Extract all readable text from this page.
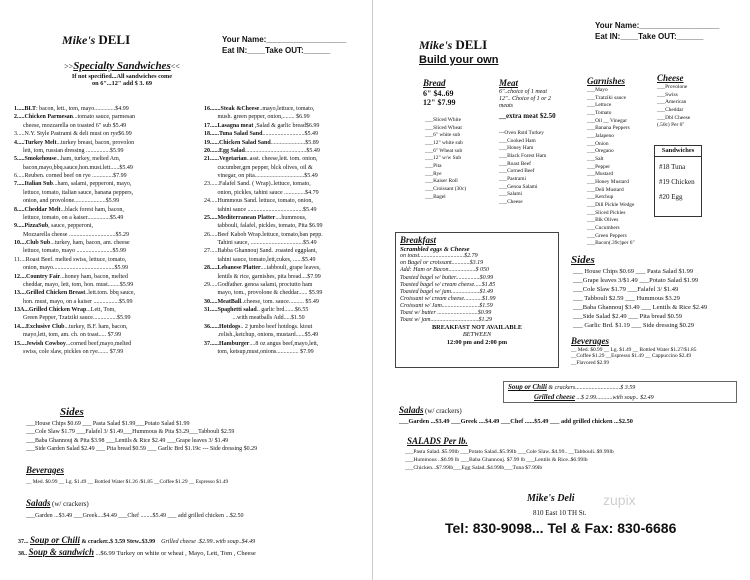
Mike's DELI	Your Name:__________________
Eat IN:____Take OUT:______
>>Specialty Sandwiches<<
If not specified...All sandwiches come
on 6"...12" add $ 3. 69
1.....BLT: bacon, lett., tom, mayo..............$4.99
2.....Chicken Parmesan...tomato sauce, parmesan
cheese, mozzarella on toasted 6" sub $5.49
3.....N.Y. Style Pastrami & deli must on rye$6.99
4.....Turkey Melt...turkey breast, bacon, provolon
lett, tom, russian dressing ................$5.99
5.....Smokehouse...ham, turkey, melted Am,
bacon,mayo,bbq.sauce,hon.must.lett......$5.49
6.....Reuben. corned beef on rye ..............$7.99
7.....Italian Sub...ham, salami, pepperoni, mayo,
lettuce, tomato, italian sauce, banana peppers,
onion, and provolone.....................$5.99
8.....Cheddar Melt...black forest ham, bacon,
lettuce, tomato, on a kaiser...............$5.49
9.....PizzaSub, sauce, pepperoni,
Mozzarella cheese ...............................$5.29
10....Club Sub...turkey, ham, bacon, am. cheese
lettuce, tomato, mayo ........................$5.99
11....Roast Beef. melted swiss, lettuce, tomato,
onion, mayo.........................................$5.99
12....Country Fair...honey ham, bacon, melted
cheddar, mayo, lett, tom, hon. must........$5.99
13....Grilled Chicken Breast..lett.tom. bbq sauce,
hon. must, mayo, on a kaiser .................$5.99
13A...Grilled Chicken Wrap...Lett, Tom,
Green Pepper, Tzatziki sauce................$5.99
14....Exclusive Club...turkey, B.F. ham, bacon,
mayo,lett, tom, am. ch. on toast..... $7.99
15....Jewish Cowboy...corned beef,mayo,melted
swiss, cole slaw, pickles on rye....... $7.99
16.......Steak &Cheese..mayo,lettuce, tomato,
mush. green pepper, onion,........ $6.99
17.....Lasagna meat ,Salad & garlic bread$6.99
18......Tuna Salad Sand............................$5.49
19......Chicken Salad Sand.......................$5.89
20......Egg Salad.........................................$5.49
21......Vegetarian..asst. cheese,lett. tom. onion,
cucumber,grn pepper, blck olives, oil &
vinegar, on pita.................................$5.49
23......Falafel Sand. ( Wrap)..lettuce, tomato,
onion, pickles, tahini sauce ..............$4.79
24.....Hummous Sand. lettuce, tomato, onion,
tahini sauce .....................................$5.49
25.....Mediterranean Platter....hummous,
tabbouli, falafel, pickles, tomato, Pita $6.99
26.....Beef Kabob Wrap.lettuce, tomato,ban pepp.
Tahini sauce, ...................................$5.49
27.....Babba Ghannouj Sand. .roasted eggplant,
tahini sauce, tomato,lett,cukes, ......$5.49
28.....Lebanese Platter....tabbouli, grape leaves,
lentils & rice, garnishes, pita bread....$7.99
29.....Godfather. genoa salami, prociutto ham
mayo, tom., provolone & cheddar...... $5.99
30.....MeatBall..cheese, tom. sauce.......... $5.49
31.....Spaghetti salad.. garlic brd.......$6.55
...with meatballs Add.....$1.50
36......Hotdogs.. 2 jumbo beef hotdogs. ktout
.relish.,ketchup, onions, mustard......$5.49
37......Hamburger....8 oz angus beef,mayo,lett,
tom, ketsup,must,onions............... $7.99
Sides
___House Chips $0.69 ___ Pasta Salad $1.99___Potato Salad $1.99
___Cole Slaw $1.79 ___Falafel 3/ $1.49___Hummous & Pita $3.29___Tabbouli $2.59
___Baba Ghannouj & Pita $3.98 ___Lentils & Rice $2.49 ___Grape leaves 3/ $1.49
___Side Garden Salad $2.49 ___ Pita bread $0.59 ___ Garlic Brd $1.19c --- Side dressing $0.29
Beverages
__ Med. $0.99 __ Lg. $1.49 __ Bottled Water $1.26 /$1.85 __Coffee $1.29 __ Espresso $1.49
Salads (w/ crackers)
___Garden ...$3.49 ___Greek....$4.49 ___Chef ........$5.49 ___ add grilled chicken ...$2.50
37... Soup or Chili & cracker..$ 3.59 Stew..$3.99 Grilled cheese .$2.99..with soup..$4.49
38.. Soup & sandwich ...$6.99 Turkey on white or wheat , Mayo, Lett, Tom , Cheese
Your Name:__________________
Eat IN:____Take OUT:______
Mike's DELI
Build your own
Bread
6" $4..69
12" $7.99
___Sliced White
___Sliced Wheat
___6" white sub
___12" white sub
___6" Wheat sub
___12" w/w Sub
___Pita
___Rye
___Kaiser Roll
___Croissant (30c)
___Bagel
Meat
6"..choice of 1 meat
12".. Choice of 1 or 2
meats
__extra meat $2.50
---Oven Rstd Turkey
___Cooked Ham
___Honey Ham
___Black Forest Ham
___Roast Beef
___Corned Beef
___Pastrami
___Genoa Salami
___Salami
___Cheese
Garnishes
___Mayo
___Tzatziki sauce
___Lettuce
___Tomato
___Oil __ Vinegar
___Banana Peppers
___Jalapeno
___Onion
___Oregano
___Salt
___Pepper
___Mustard
___Honey Mustard
___Deli Mustard
___Ketchup
___Dill Pickle Wedge
___Sliced Pickles
___Blk Olives
___Cucumbers
___Green Peppers
___Bacon(.39c)per 6"
Cheese
___Provolone
___Swiss
___American
___Cheddar
___Dbl Cheese
(.50c) Per 6"
Sandwiches
#18 Tuna
#19 Chicken
#20 Egg
Breakfast
Scrambled eggs & Cheese
on toast..............................$2.79
on Bagel or croissant............$3.19
Add: Ham or Bacon..................$ 050
Toasted bagel w/ butter................$0.99
Toasted bagel w/ cream cheese.....$1.85
Toasted bagel w/ jam...................$1.49
Croissant w/ cream cheese............$1.99
Croissant w/ Jam.........................$1.59
Toast w/ butter ...........................$0.99
Toast w/ jam................................$1.29
BREAKFAST NOT AVAILABLE
BETWEEN
12:00 pm and 2:00 pm
Sides
___ House Chips $0.69 ___ Pasta Salad $1.99
___Grape leaves 3/$1.49 ___Potato Salad $1.99
___Cole Slaw $1.79 ___Falafel 3/ $1.49
___ Tabbouli $2.59 ___ Hummous $3.29
___Baba Ghannouj $3.49 ___ Lentils & Rice $2.49
___Side Salad $2.49 ___ Pita bread $0.59
___ Garlic Brd. $1.19 ___ Side dressing $0.29
Beverages
__ Med. $0.99 __ Lg. $1.49 __ Bottled Water $1.27/$1.85
__Coffee $1.29 __Espresso $1.49 __ Cappuccino $2.49
__Flavored $2.99
Soup or Chili & crackers..............................$ 3.59
Grilled cheese ...$ 2.99...........with soup.. $2.49
Salads (w/ crackers)
___Garden ...$3.49 ___Greek ....$4.49 ___Chef ......$5.49 ___ add grilled chicken ...$2.50
SALADS Per lb.
___Pasta Salad..$5.99lb ___Potato Salad..$5.99lb ___Cole Slaw..$4.99.. __Tabbouli..$9.99lb
___Hummous ..$6.99 lb ___Baba Ghannouj. $7.99 lb ___Lentils & Rice..$6.99lb
___Chicken...$7.99lb___Egg Salad..$4.99lb___Tuna $7.99lb
Mike's Deli
810 East 10 TH St.
Tel: 830-9098... Tel & Fax: 830-6686
zupix
